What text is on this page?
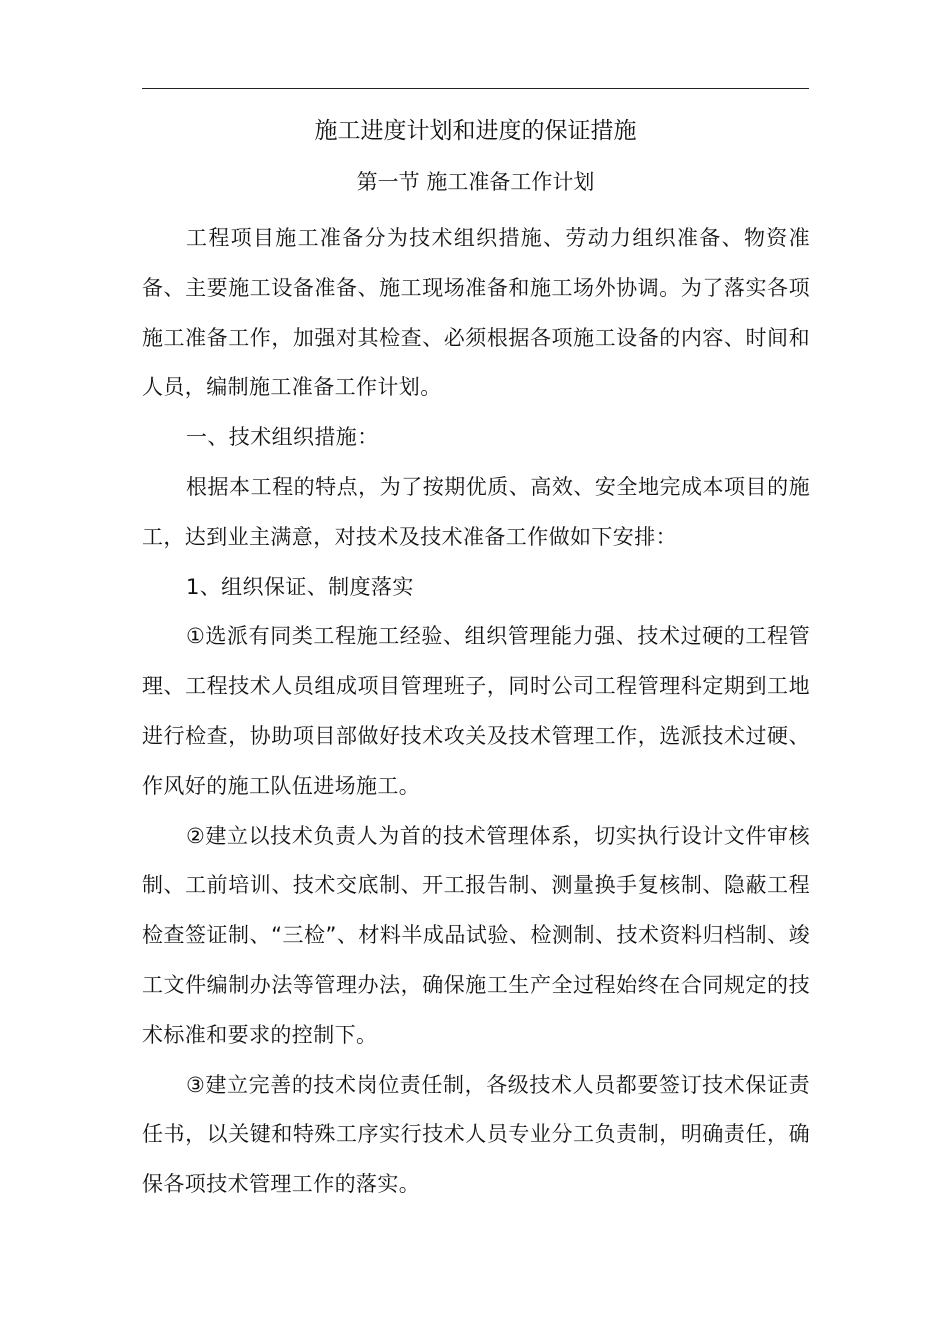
施工进度计划和进度的保证措施
第一节 施工准备工作计划

工程项目施工准备分为技术组织措施、劳动力组织准备、物资准备、主要施工设备准备、施工现场准备和施工场外协调。为了落实各项施工准备工作，加强对其检查、必须根据各项施工设备的内容、时间和人员，编制施工准备工作计划。

一、技术组织措施：

根据本工程的特点，为了按期优质、高效、安全地完成本项目的施工，达到业主满意，对技术及技术准备工作做如下安排：

1、组织保证、制度落实

①选派有同类工程施工经验、组织管理能力强、技术过硬的工程管理、工程技术人员组成项目管理班子，同时公司工程管理科定期到工地进行检查，协助项目部做好技术攻关及技术管理工作，选派技术过硬、作风好的施工队伍进场施工。

②建立以技术负责人为首的技术管理体系，切实执行设计文件审核制、工前培训、技术交底制、开工报告制、测量换手复核制、隐蔽工程检查签证制、“三检”、材料半成品试验、检测制、技术资料归档制、竣工文件编制办法等管理办法，确保施工生产全过程始终在合同规定的技术标准和要求的控制下。

③建立完善的技术岗位责任制，各级技术人员都要签订技术保证责任书，以关键和特殊工序实行技术人员专业分工负责制，明确责任，确保各项技术管理工作的落实。
